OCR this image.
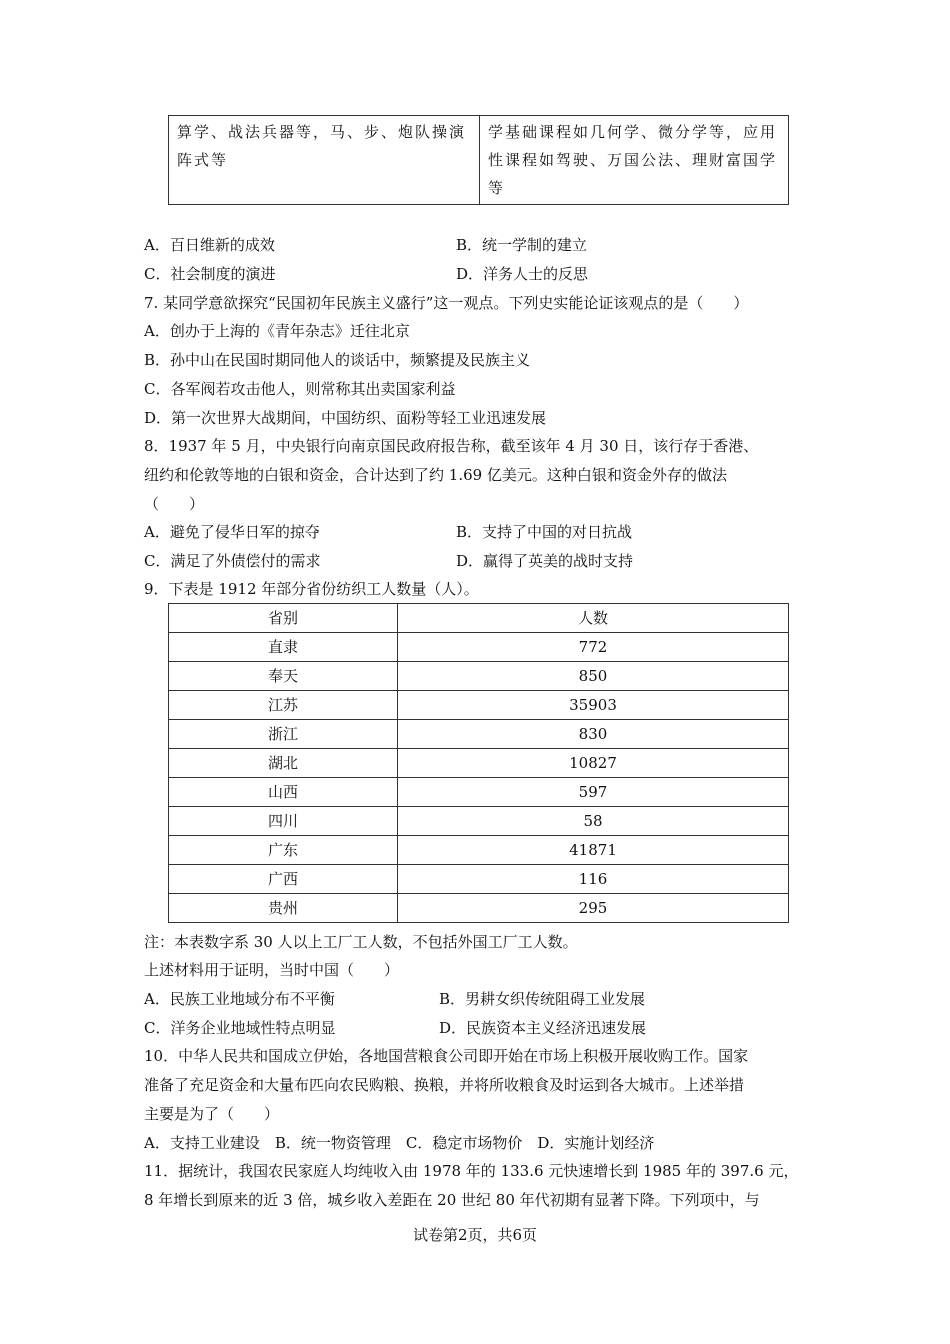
算学、战法兵器等，马、步、炮队操演阵式等	学基础课程如几何学、微分学等，应用性课程如驾驶、万国公法、理财富国学等
A．百日维新的成效	B．统一学制的建立
C．社会制度的演进	D．洋务人士的反思
7. 某同学意欲探究“民国初年民族主义盛行”这一观点。下列史实能论证该观点的是（　　）
A．创办于上海的《青年杂志》迁往北京
B．孙中山在民国时期同他人的谈话中，频繁提及民族主义
C．各军阀若攻击他人，则常称其出卖国家利益
D．第一次世界大战期间，中国纺织、面粉等轻工业迅速发展
8．1937 年 5 月，中央银行向南京国民政府报告称，截至该年 4 月 30 日，该行存于香港、
纽约和伦敦等地的白银和资金，合计达到了约 1.69 亿美元。这种白银和资金外存的做法
（　　）
A．避免了侵华日军的掠夺	B．支持了中国的对日抗战
C．满足了外债偿付的需求	D．赢得了英美的战时支持
9．下表是 1912 年部分省份纺织工人数量（人）。
省别	人数
直隶	772
奉天	850
江苏	35903
浙江	830
湖北	10827
山西	597
四川	58
广东	41871
广西	116
贵州	295
注：本表数字系 30 人以上工厂工人数，不包括外国工厂工人数。
上述材料用于证明，当时中国（　　）
A．民族工业地域分布不平衡	B．男耕女织传统阻碍工业发展
C．洋务企业地域性特点明显	D．民族资本主义经济迅速发展
10．中华人民共和国成立伊始，各地国营粮食公司即开始在市场上积极开展收购工作。国家
准备了充足资金和大量布匹向农民购粮、换粮，并将所收粮食及时运到各大城市。上述举措
主要是为了（　　）
A．支持工业建设　B．统一物资管理　C．稳定市场物价　D．实施计划经济
11．据统计，我国农民家庭人均纯收入由 1978 年的 133.6 元快速增长到 1985 年的 397.6 元，
8 年增长到原来的近 3 倍，城乡收入差距在 20 世纪 80 年代初期有显著下降。下列项中，与
试卷第2页，共6页
